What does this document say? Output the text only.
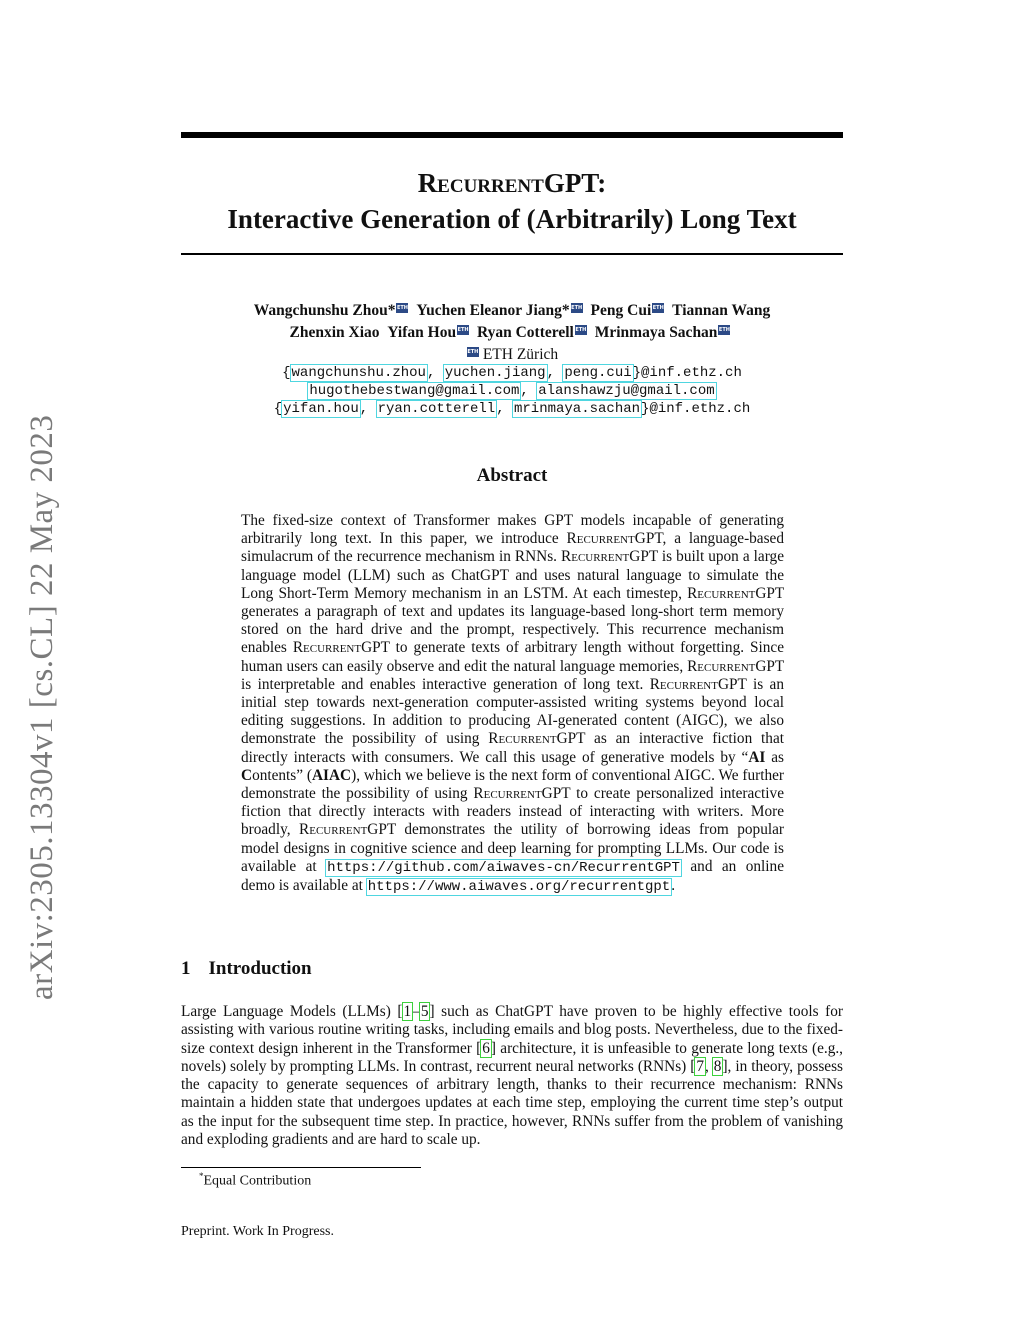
arXiv:2305.13304v1 [cs.CL] 22 May 2023
RecurrentGPT:
Interactive Generation of (Arbitrarily) Long Text
Wangchunshu Zhou*ETH Yuchen Eleanor Jiang*ETH Peng CuiETH Tiannan Wang
Zhenxin Xiao Yifan HouETH Ryan CotterellETH Mrinmaya SachanETH
ETH ETH Zürich
{wangchunshu.zhou, yuchen.jiang, peng.cui}@inf.ethz.ch
hugothebestwang@gmail.com, alanshawzju@gmail.com
{yifan.hou, ryan.cotterell, mrinmaya.sachan}@inf.ethz.ch
Abstract
The fixed-size context of Transformer makes GPT models incapable of generating arbitrarily long text. In this paper, we introduce RecurrentGPT, a language-based simulacrum of the recurrence mechanism in RNNs. RecurrentGPT is built upon a large language model (LLM) such as ChatGPT and uses natural language to simulate the Long Short-Term Memory mechanism in an LSTM. At each timestep, RecurrentGPT generates a paragraph of text and updates its language-based long-short term memory stored on the hard drive and the prompt, respectively. This recurrence mechanism enables RecurrentGPT to generate texts of arbitrary length without forgetting. Since human users can easily observe and edit the natural language memories, RecurrentGPT is interpretable and enables interactive generation of long text. RecurrentGPT is an initial step towards next-generation computer-assisted writing systems beyond local editing suggestions. In addition to producing AI-generated content (AIGC), we also demonstrate the possibility of using RecurrentGPT as an interactive fiction that directly interacts with consumers. We call this usage of generative models by “AI as Contents” (AIAC), which we believe is the next form of conventional AIGC. We further demonstrate the possibility of using RecurrentGPT to create personalized interactive fiction that directly interacts with readers instead of interacting with writers. More broadly, RecurrentGPT demonstrates the utility of borrowing ideas from popular model designs in cognitive science and deep learning for prompting LLMs. Our code is available at https://github.com/aiwaves-cn/RecurrentGPT and an online demo is available at https://www.aiwaves.org/recurrentgpt.
1 Introduction
Large Language Models (LLMs) [1–5] such as ChatGPT have proven to be highly effective tools for assisting with various routine writing tasks, including emails and blog posts. Nevertheless, due to the fixed-size context design inherent in the Transformer [6] architecture, it is unfeasible to generate long texts (e.g., novels) solely by prompting LLMs. In contrast, recurrent neural networks (RNNs) [7, 8], in theory, possess the capacity to generate sequences of arbitrary length, thanks to their recurrence mechanism: RNNs maintain a hidden state that undergoes updates at each time step, employing the current time step’s output as the input for the subsequent time step. In practice, however, RNNs suffer from the problem of vanishing and exploding gradients and are hard to scale up.
*Equal Contribution
Preprint. Work In Progress.
